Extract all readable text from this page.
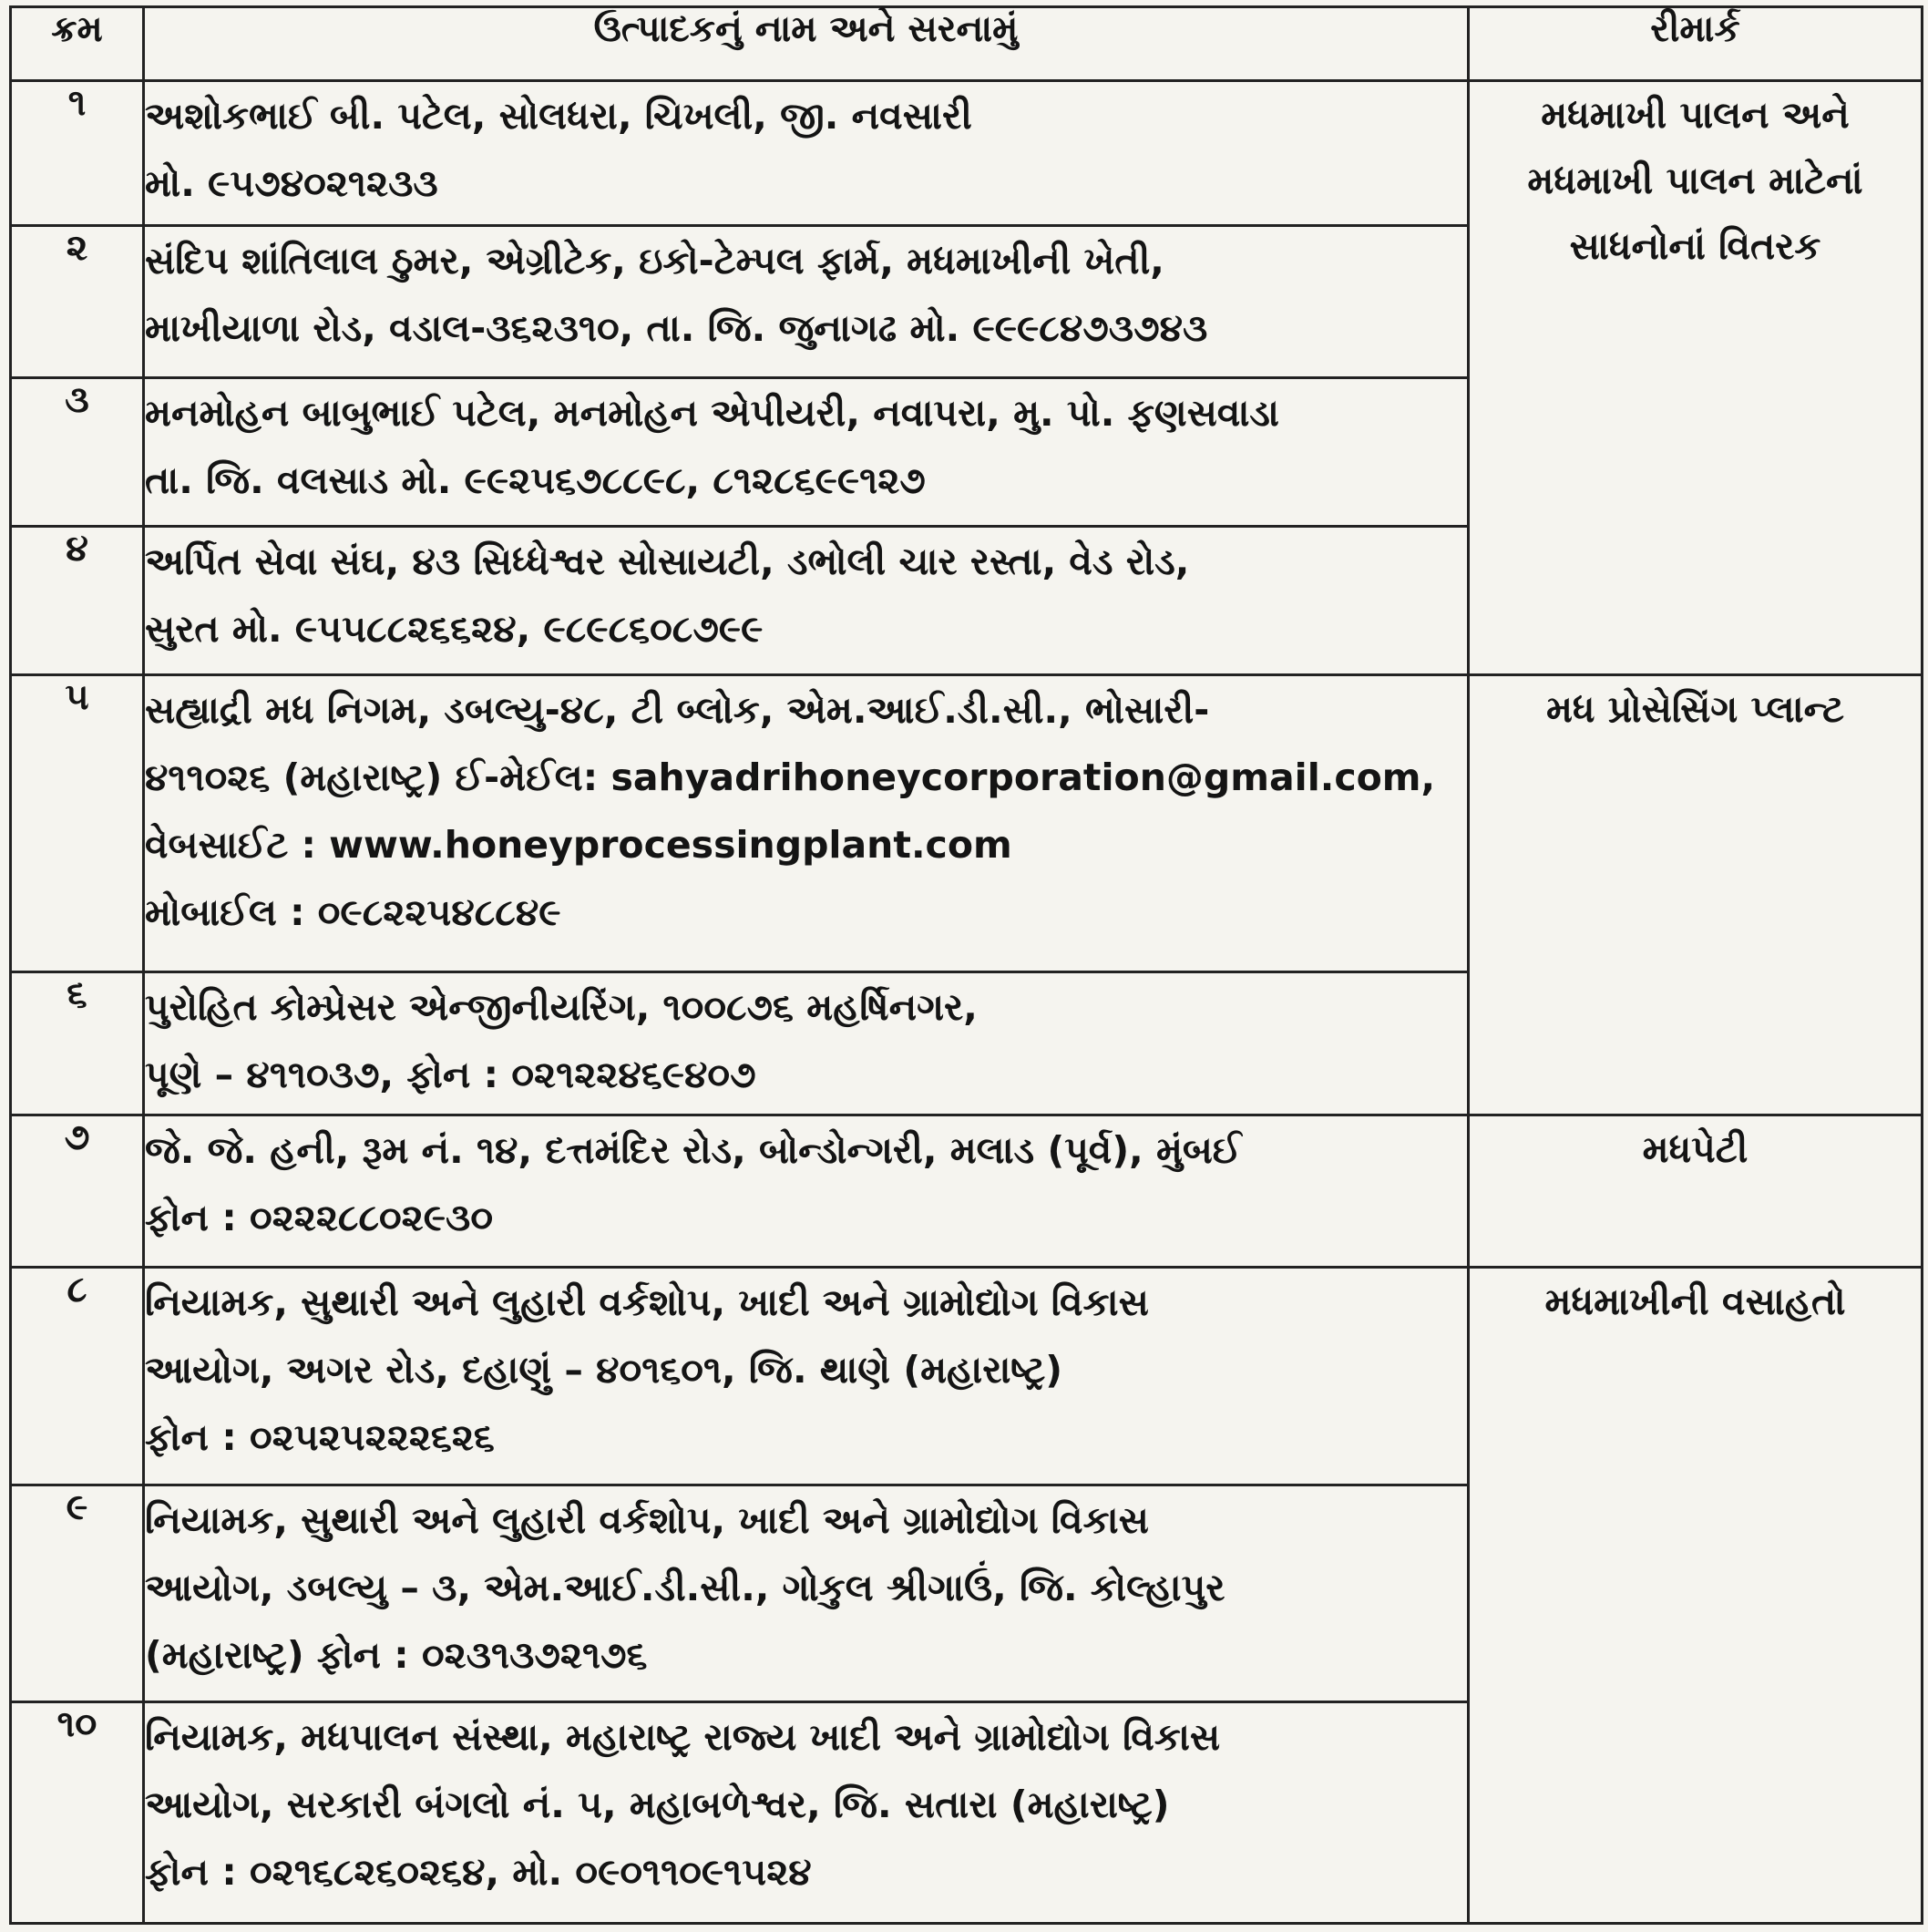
ક્રમ	ઉત્પાદકનું નામ અને સરનામું	રીમાર્ક
૧	અશોકભાઈ બી. પટેલ, સોલધરા, ચિખલી, જી. નવસારી
મો. ૯૫૭૪૦૨૧૨૩૩	મધમાખી પાલન અને
મધમાખી પાલન માટેનાં
સાધનોનાં વિતરક

૨	સંદિપ શાંતિલાલ ઠુમર, એગ્રીટેક, ઇકો-ટેમ્પલ ફાર્મ, મધમાખીની ખેતી,
માખીયાળા રોડ, વડાલ-૩૬૨૩૧૦, તા. જિ. જુનાગઢ મો. ૯૯૯૮૪૭૩૭૪૩	

૩	મનમોહન બાબુભાઈ પટેલ, મનમોહન એપીયરી, નવાપરા, મુ. પો. ફણસવાડા
તા. જિ. વલસાડ મો. ૯૯૨૫૬૭૮૮૯૮, ૮૧૨૮૬૯૯૧૨૭	

૪	અર્પિત સેવા સંઘ, ૪૩ સિધ્ધેશ્વર સોસાયટી, ડભોલી ચાર રસ્તા, વેડ રોડ,
સુરત મો. ૯૫૫૮૮૨૬૬૨૪, ૯૮૯૮૬૦૮૭૯૯	

૫	સહ્યાદ્રી મધ નિગમ, ડબલ્યુ-૪૮, ટી બ્લોક, એમ.આઈ.ડી.સી., ભોસારી-
૪૧૧૦૨૬ (મહારાષ્ટ્ર) ઈ-મેઈલ: sahyadrihoneycorporation@gmail.com,
વેબસાઈટ : www.honeyprocessingplant.com
મોબાઈલ : ૦૯૮૨૨૫૪૮૮૪૯	મધ પ્રોસેસિંગ પ્લાન્ટ

૬	પુરોહિત કોમ્પ્રેસર એન્જીનીયરિંગ, ૧૦૦૮૭૬ મહર્ષિનગર,
પૂણે – ૪૧૧૦૩૭, ફોન : ૦૨૧૨૨૪૬૯૪૦૭	

૭	જે. જે. હની, રૂમ નં. ૧૪, દત્તમંદિર રોડ, બોન્ડોન્ગરી, મલાડ (પૂર્વ), મુંબઈ
ફોન : ૦૨૨૨૮૮૦૨૯૩૦	મધપેટી

૮	નિયામક, સુથારી અને લુહારી વર્કશોપ, ખાદી અને ગ્રામોદ્યોગ વિકાસ
આયોગ, અગર રોડ, દહાણું – ૪૦૧૬૦૧, જિ. થાણે (મહારાષ્ટ્ર)
ફોન : ૦૨૫૨૫૨૨૨૬૨૬	મધમાખીની વસાહતો

૯	નિયામક, સુથારી અને લુહારી વર્કશોપ, ખાદી અને ગ્રામોદ્યોગ વિકાસ
આયોગ, ડબલ્યુ – ૩, એમ.આઈ.ડી.સી., ગોકુલ શ્રીગાઉં, જિ. કોલ્હાપુર
(મહારાષ્ટ્ર) ફોન : ૦૨૩૧૩૭૨૧૭૬	

૧૦	નિયામક, મધપાલન સંસ્થા, મહારાષ્ટ્ર રાજ્ય ખાદી અને ગ્રામોદ્યોગ વિકાસ
આયોગ, સરકારી બંગલો નં. ૫, મહાબળેશ્વર, જિ. સતારા (મહારાષ્ટ્ર)
ફોન : ૦૨૧૬૮૨૬૦૨૬૪, મો. ૦૯૦૧૧૦૯૧૫૨૪	
